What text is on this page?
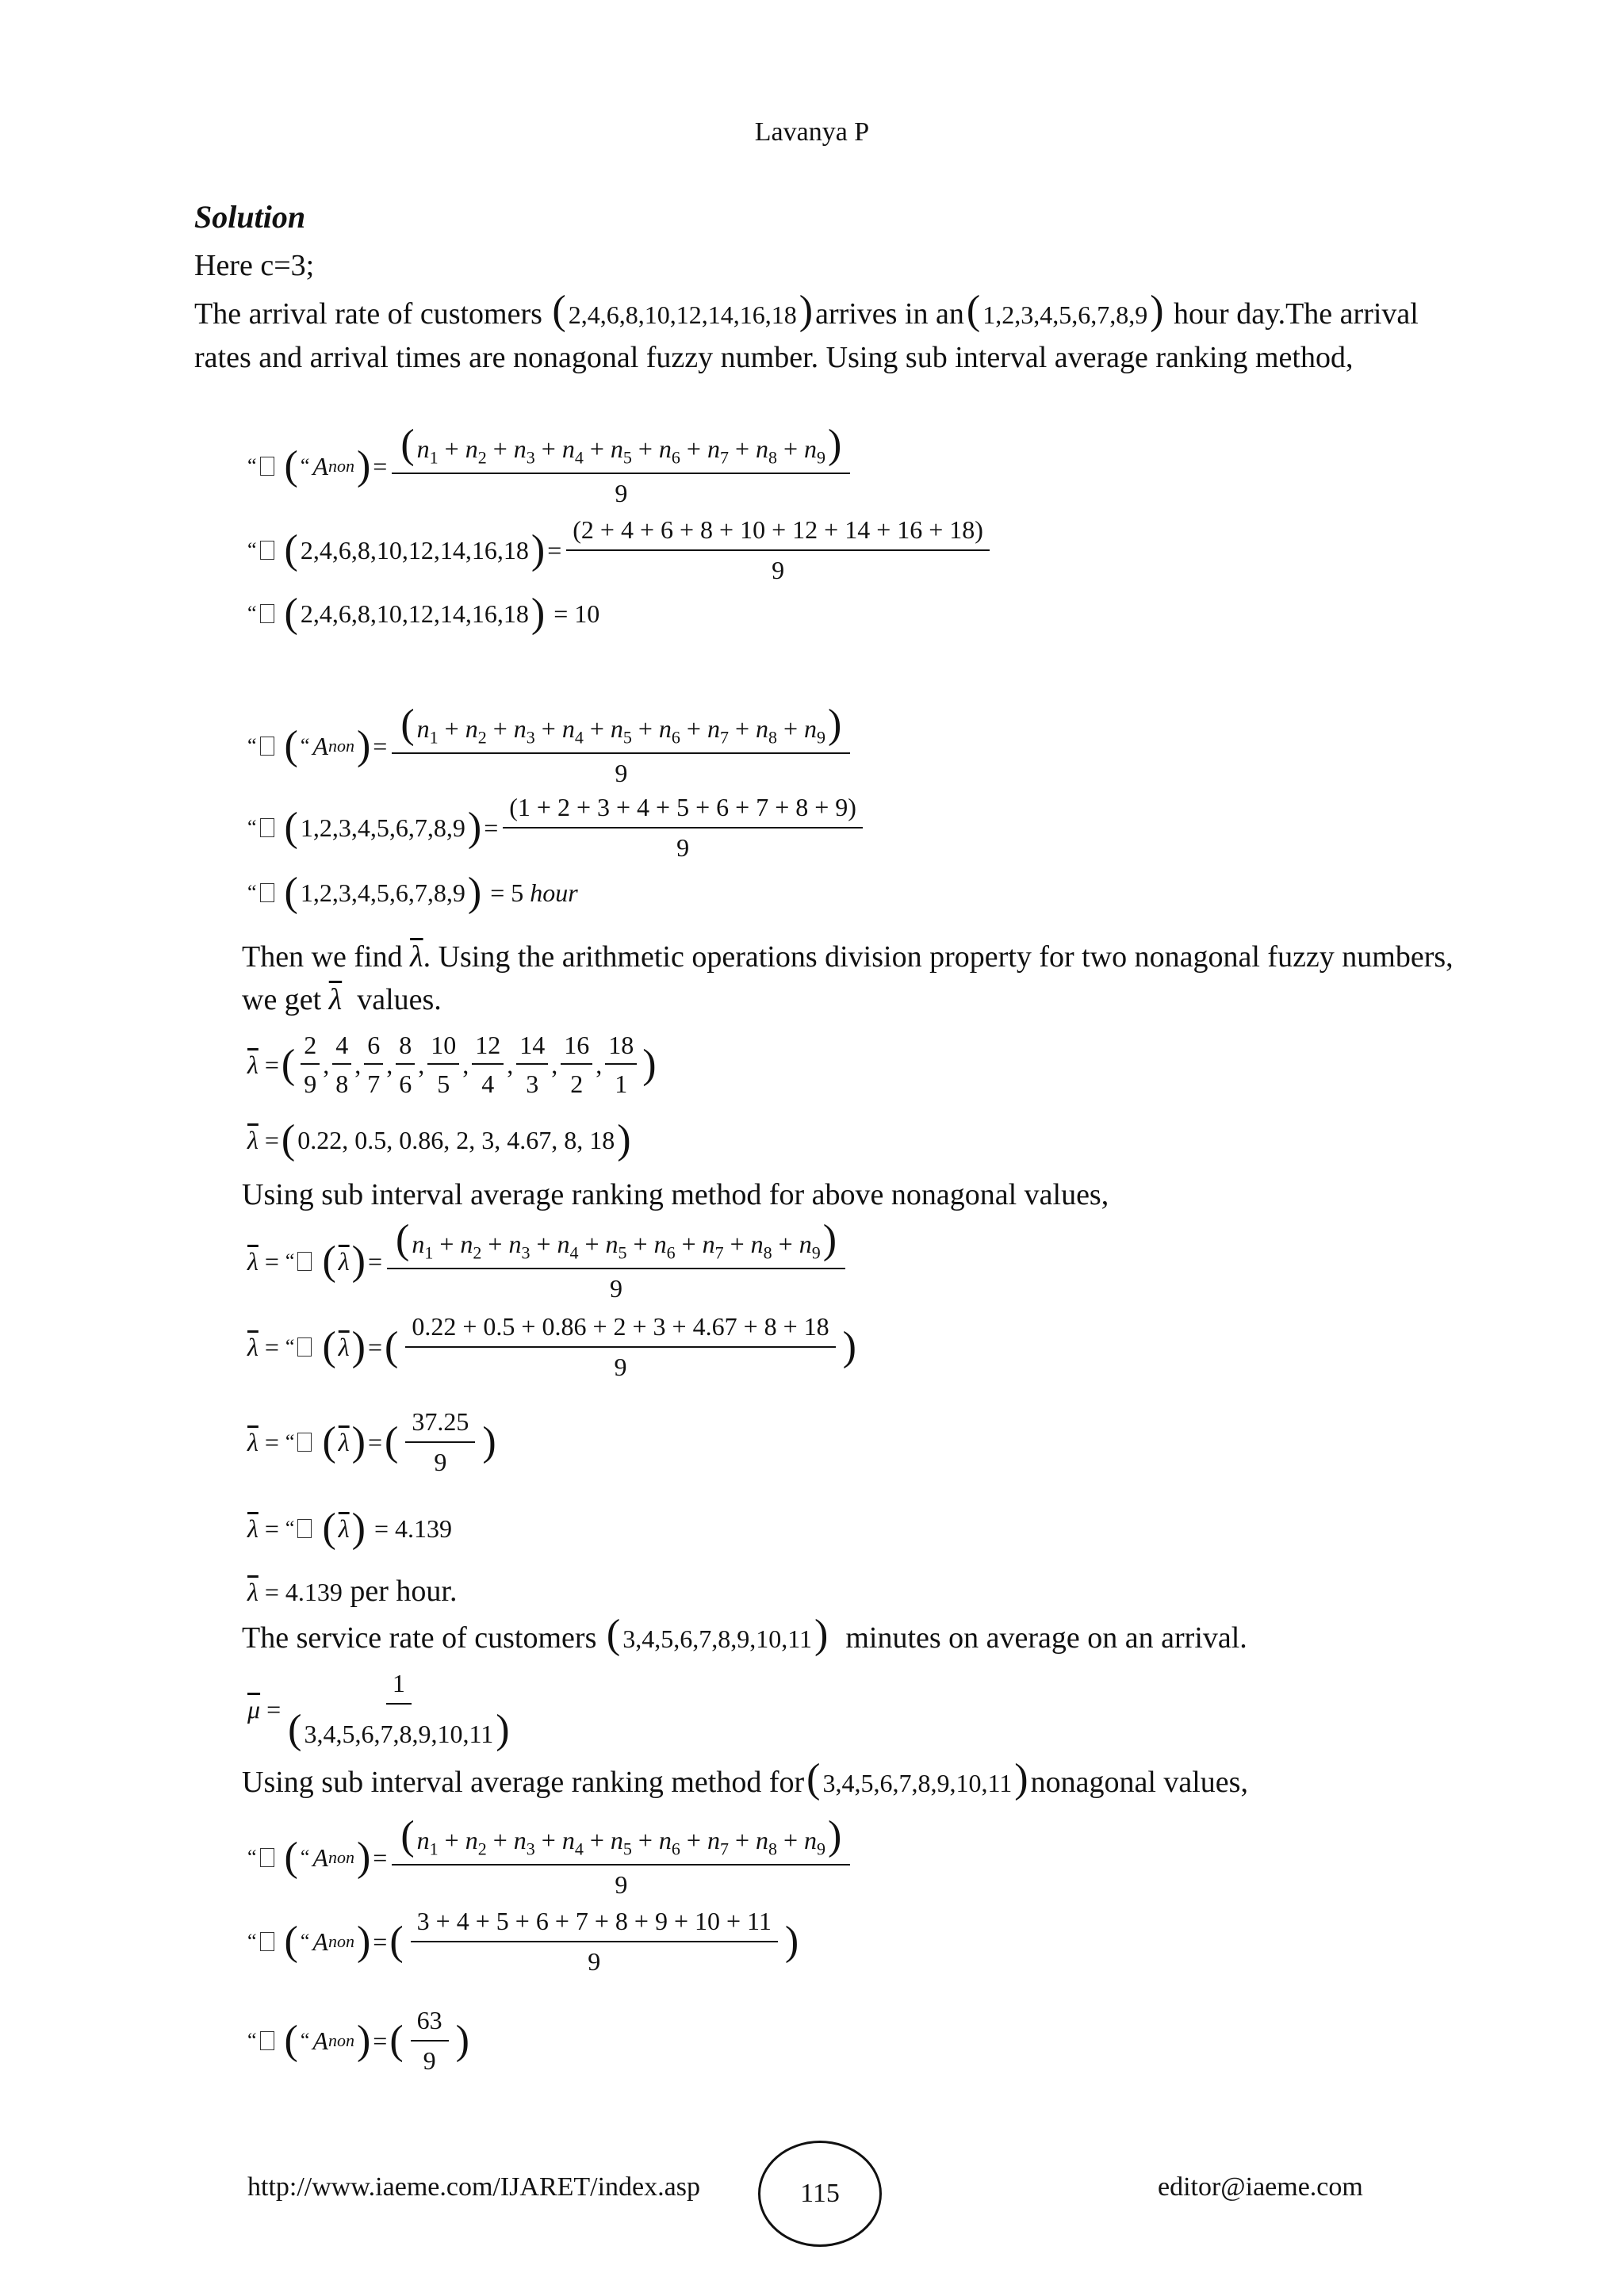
Lavanya P
Solution
Here c=3;
The arrival rate of customers (2,4,6,8,10,12,14,16,18)arrives in an(1,2,3,4,5,6,7,8,9) hour day.The arrival rates and arrival times are nonagonal fuzzy number. Using sub interval average ranking method,
“ ( “ A non ) = $\frac{(n_1 + n_2 + n_3 + n_4 + n_5 + n_6 + n_7 + n_8 + n_9)}{9}$
“ ( 2,4,6,8,10,12,14,16,18 ) = $\frac{(2 + 4 + 6 + 8 + 10 + 12 + 14 + 16 + 18)}{9}$
“ ( 2,4,6,8,10,12,14,16,18 )
= 10
“ ( “ A non ) = $\frac{(n_1 + n_2 + n_3 + n_4 + n_5 + n_6 + n_7 + n_8 + n_9)}{9}$
“ ( 1,2,3,4,5,6,7,8,9 ) = $\frac{(1 + 2 + 3 + 4 + 5 + 6 + 7 + 8 + 9)}{9}$
“ ( 1,2,3,4,5,6,7,8,9 )
= 5
hour
Then we find $\overline{\lambda}$. Using the arithmetic operations division property for two nonagonal fuzzy numbers, we get $\overline{\lambda}$ values.
$\overline{\lambda}$ = ( $\frac{2}{9}$ , $\frac{4}{8}$ , $\frac{6}{7}$ , $\frac{8}{6}$ , $\frac{10}{5}$ , $\frac{12}{4}$ , $\frac{14}{3}$ , $\frac{16}{2}$ , $\frac{18}{1}$ )
$\overline{\lambda}$ = ( 0.22, 0.5, 0.86, 2, 3, 4.67, 8, 18 )
Using sub interval average ranking method for above nonagonal values,
$\overline{\lambda}$ = “ ( $\overline{\lambda}$ ) = $\frac{(n_1 + n_2 + n_3 + n_4 + n_5 + n_6 + n_7 + n_8 + n_9)}{9}$
$\overline{\lambda}$ = “ ( $\overline{\lambda}$ ) = ( $\frac{0.22 + 0.5 + 0.86 + 2 + 3 + 4.67 + 8 + 18}{9}$ )
$\overline{\lambda}$ = “ ( $\overline{\lambda}$ ) = ( $\frac{37.25}{9}$ )
$\overline{\lambda}$ = “ ( $\overline{\lambda}$ ) = 4.139
$\overline{\lambda} = 4.139$ per hour.
The service rate of customers (3,4,5,6,7,8,9,10,11) minutes on average on an arrival.
$\overline{\mu} = \frac{1}{(3,4,5,6,7,8,9,10,11)}$
Using sub interval average ranking method for(3,4,5,6,7,8,9,10,11)nonagonal values,
“ ( “ A non ) = $\frac{(n_1 + n_2 + n_3 + n_4 + n_5 + n_6 + n_7 + n_8 + n_9)}{9}$
“ ( “ A non ) = ( $\frac{3 + 4 + 5 + 6 + 7 + 8 + 9 + 10 + 11}{9}$ )
“ ( “ A non ) = ( $\frac{63}{9}$ )
http://www.iaeme.com/IJARET/index.asp	115	editor@iaeme.com
